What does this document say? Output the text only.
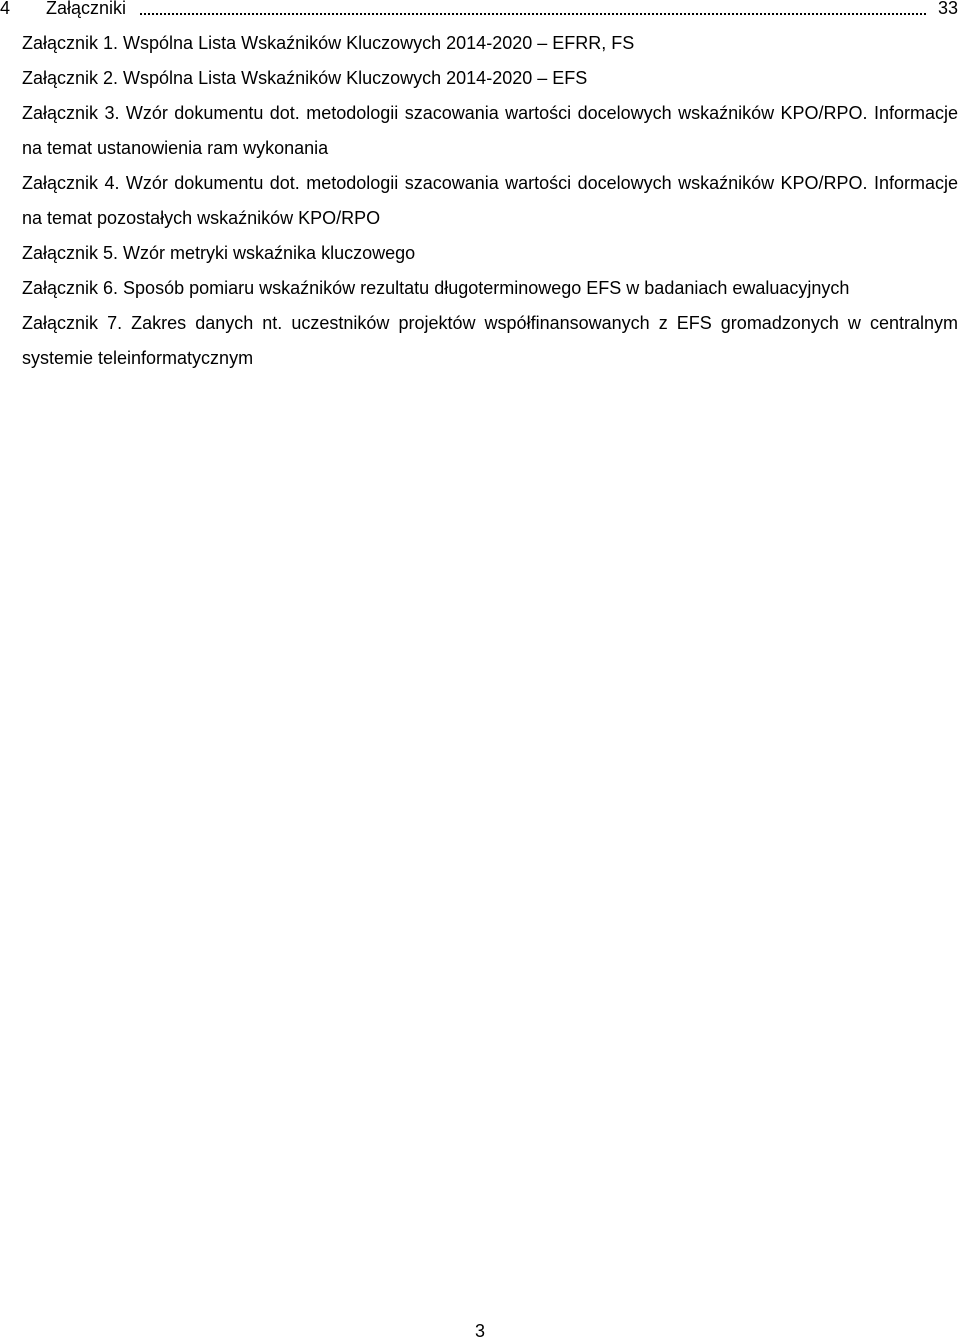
4 Załączniki	33

Załącznik 1. Wspólna Lista Wskaźników Kluczowych 2014-2020 – EFRR, FS

Załącznik 2. Wspólna Lista Wskaźników Kluczowych 2014-2020 – EFS

Załącznik 3. Wzór dokumentu dot. metodologii szacowania wartości docelowych wskaźników KPO/RPO. Informacje na temat ustanowienia ram wykonania

Załącznik 4. Wzór dokumentu dot. metodologii szacowania wartości docelowych wskaźników KPO/RPO. Informacje na temat pozostałych wskaźników KPO/RPO

Załącznik 5. Wzór metryki wskaźnika kluczowego

Załącznik 6. Sposób pomiaru wskaźników rezultatu długoterminowego EFS w badaniach ewaluacyjnych

Załącznik 7. Zakres danych nt. uczestników projektów współfinansowanych z EFS gromadzonych w centralnym systemie teleinformatycznym

3
